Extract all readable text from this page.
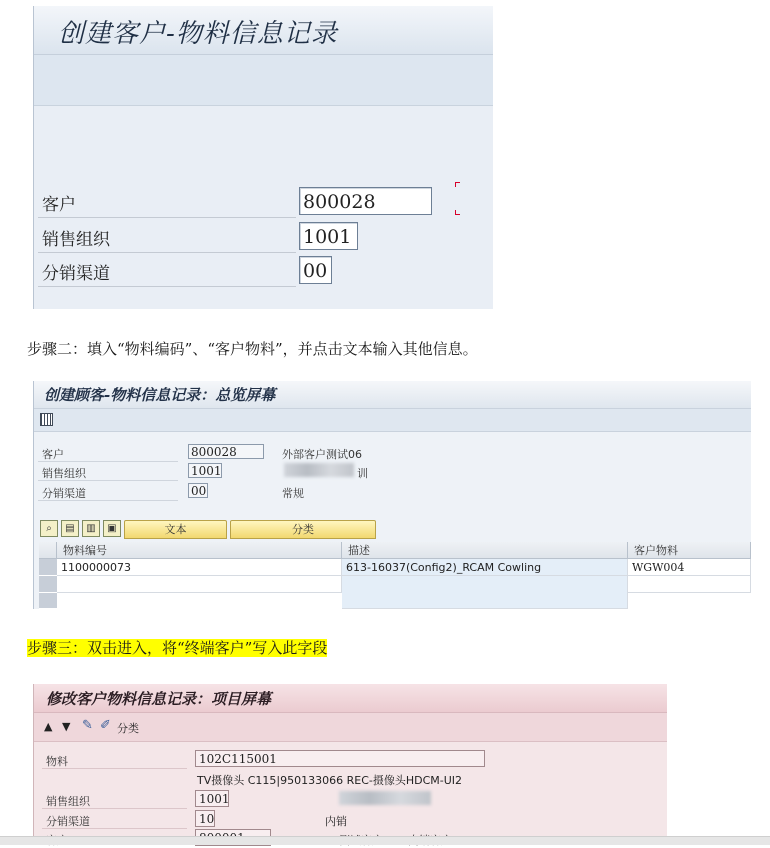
创建客户-物料信息记录
客户	800028
销售组织	1001
分销渠道	00
步骤二：填入“物料编码”、“客户物料”，并点击文本输入其他信息。
创建顾客-物料信息记录：总览屏幕
客户	800028	外部客户测试06
销售组织	1001	训
分销渠道	00	常规
⌕	▤	▥	▣	文本	分类
物料编号	描述	客户物料
1100000073	613-16037(Config2)_RCAM Cowling	WGW004
步骤三：双击进入，将“终端客户”写入此字段
修改客户物料信息记录：项目屏幕
▲ ▼ ✎ ✐ 分类
物料	102C115001
TV摄像头 C115|950133066 REC-摄像头HDCM-UI2
销售组织	1001
分销渠道	10	内销
